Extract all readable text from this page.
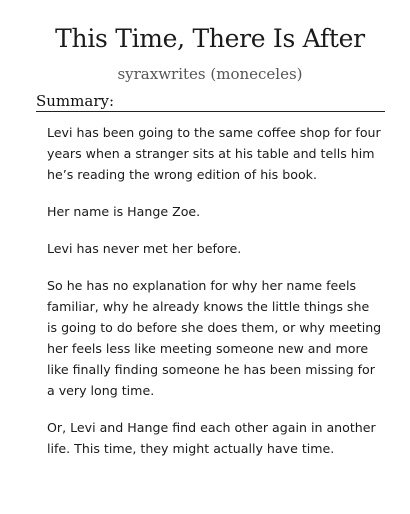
This Time, There Is After
syraxwrites (moneceles)
Summary:

Levi has been going to the same coffee shop for four years when a stranger sits at his table and tells him he’s reading the wrong edition of his book.

Her name is Hange Zoe.

Levi has never met her before.

So he has no explanation for why her name feels familiar, why he already knows the little things she is going to do before she does them, or why meeting her feels less like meeting someone new and more like finally finding someone he has been missing for a very long time.

Or, Levi and Hange find each other again in another life. This time, they might actually have time.
